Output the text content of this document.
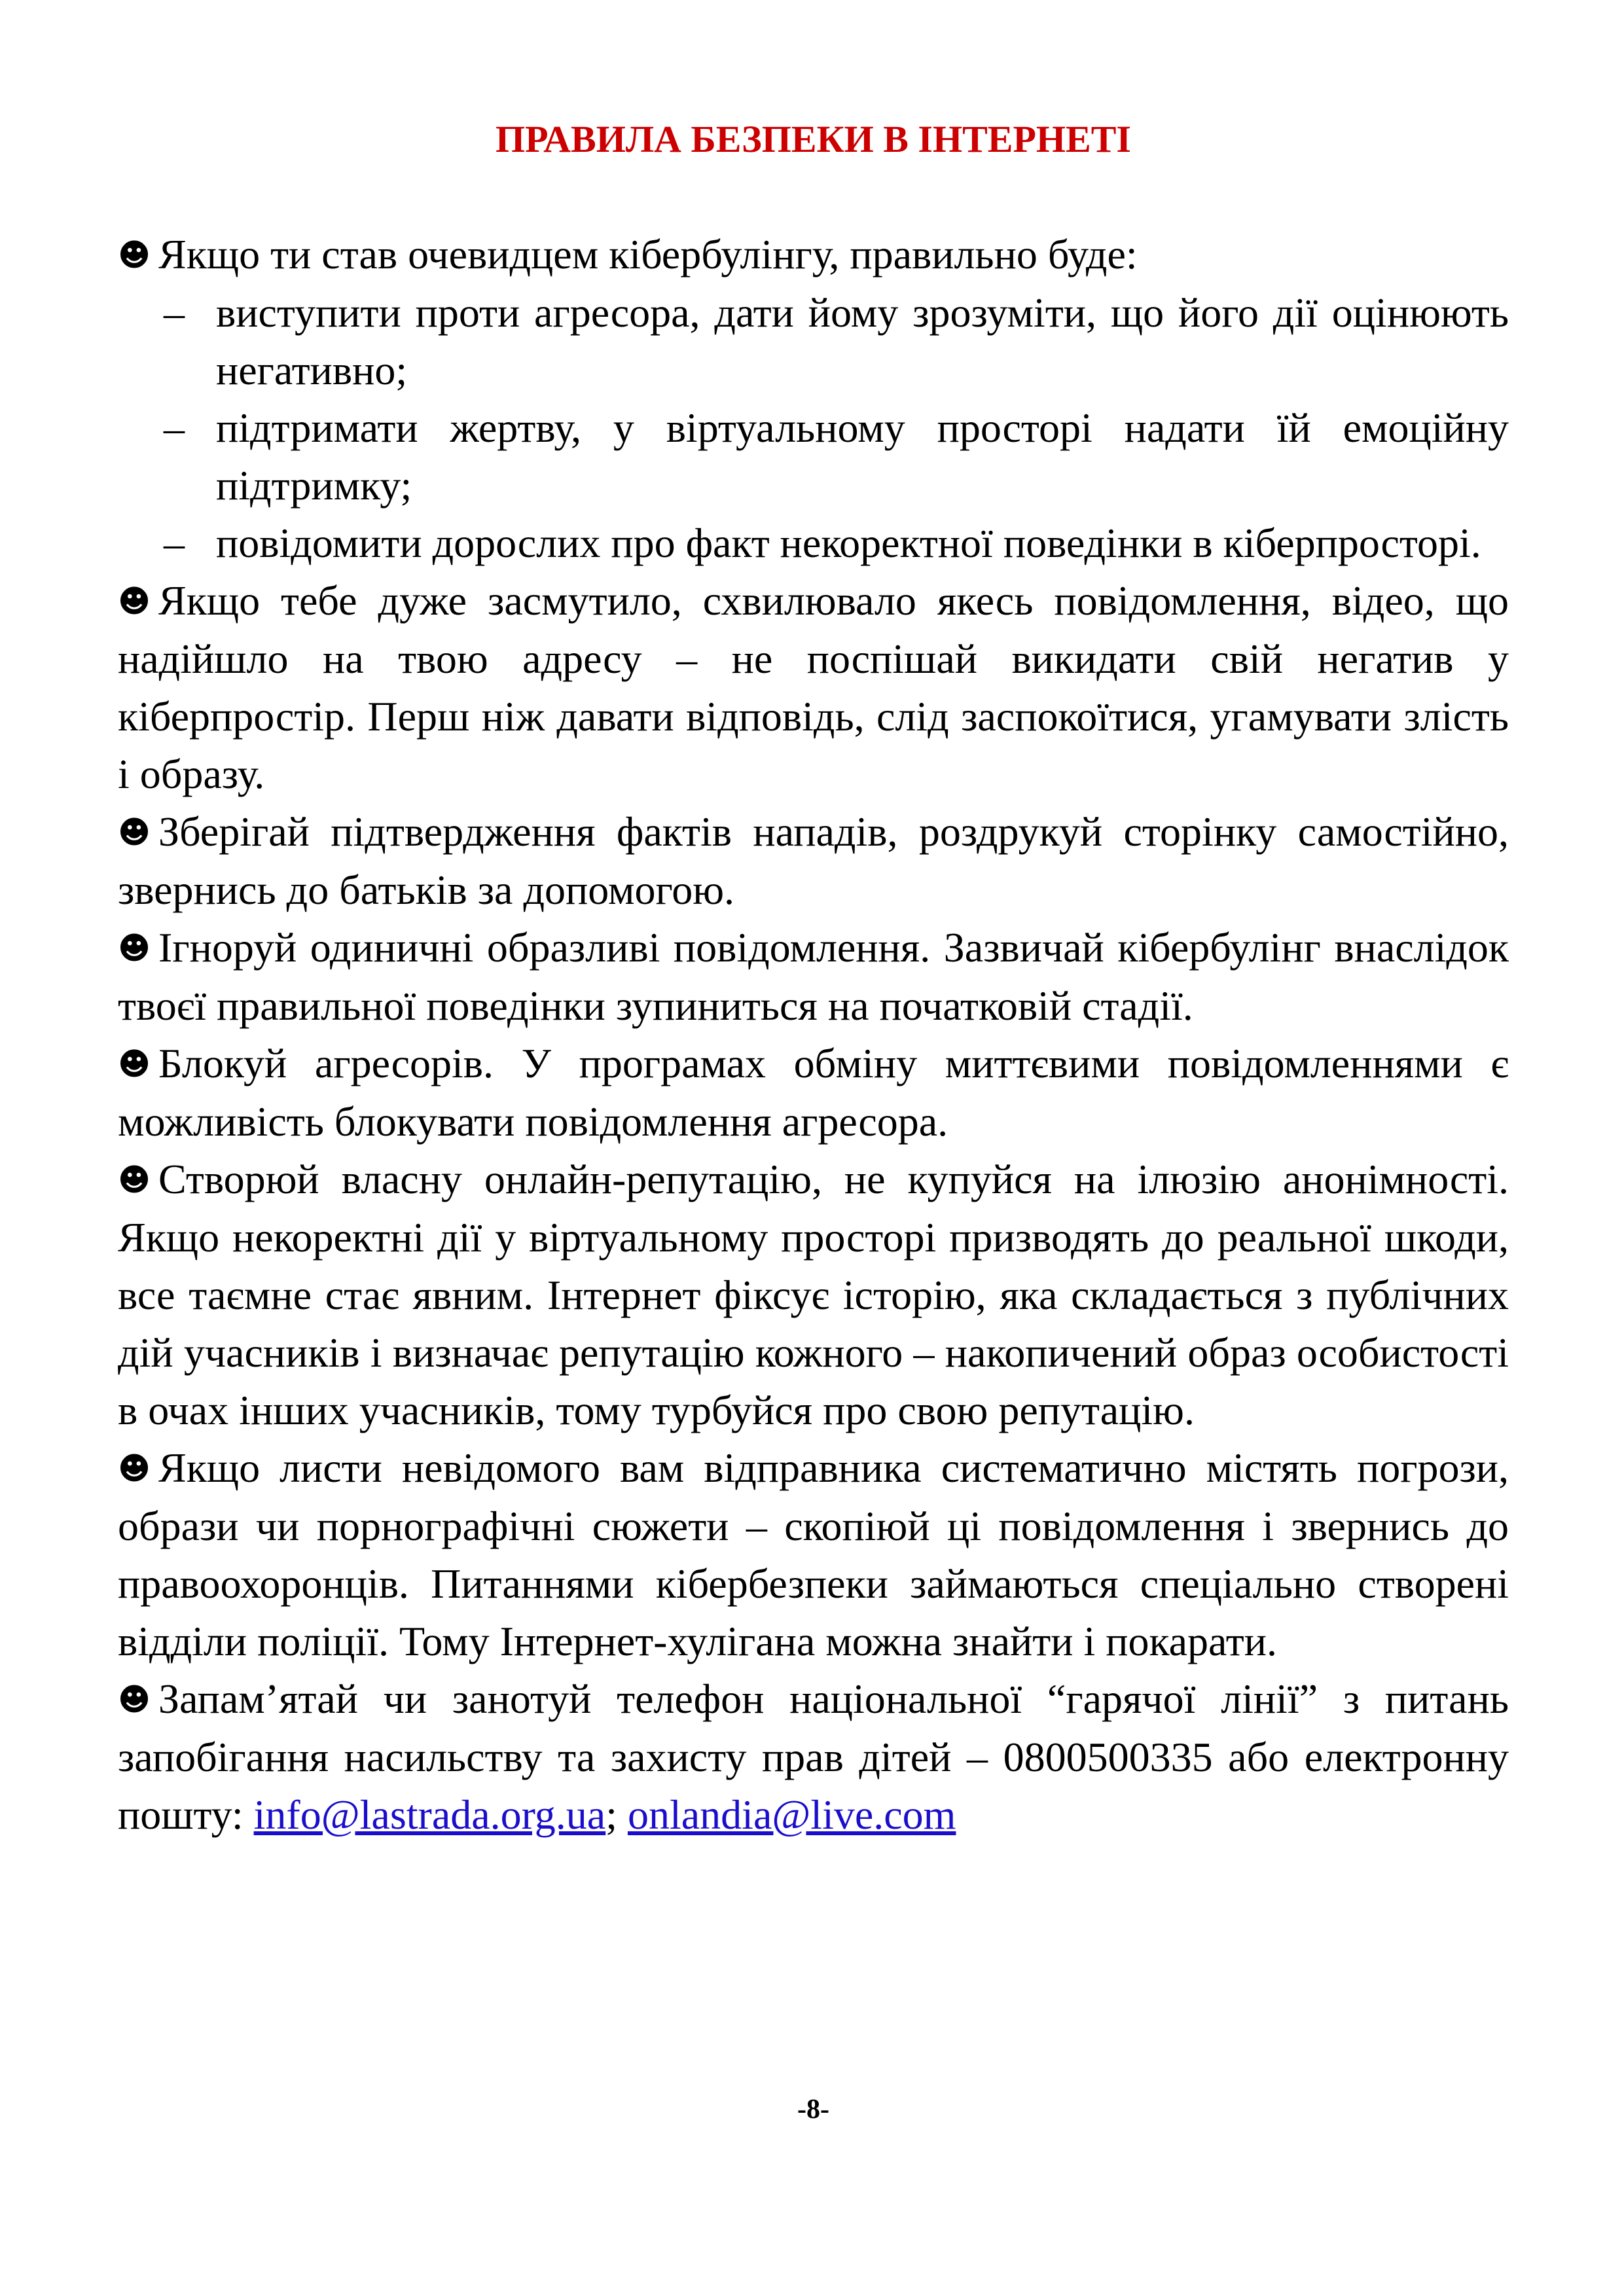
ПРАВИЛА БЕЗПЕКИ В ІНТЕРНЕТІ

☻ Якщо ти став очевидцем кібербулінгу, правильно буде:

– виступити проти агресора, дати йому зрозуміти, що його дії оцінюють негативно;

– підтримати жертву, у віртуальному просторі надати їй емоційну підтримку;

– повідомити дорослих про факт некоректної поведінки в кіберпросторі.

☻ Якщо тебе дуже засмутило, схвилювало якесь повідомлення, відео, що надійшло на твою адресу – не поспішай викидати свій негатив у кіберпростір. Перш ніж давати відповідь, слід заспокоїтися, угамувати злість і образу.

☻ Зберігай підтвердження фактів нападів, роздрукуй сторінку самостійно, звернись до батьків за допомогою.

☻ Ігноруй одиничні образливі повідомлення. Зазвичай кібербулінг внаслідок твоєї правильної поведінки зупиниться на початковій стадії.

☻ Блокуй агресорів. У програмах обміну миттєвими повідомленнями є можливість блокувати повідомлення агресора.

☻ Створюй власну онлайн-репутацію, не купуйся на ілюзію анонімності. Якщо некоректні дії у віртуальному просторі призводять до реальної шкоди, все таємне стає явним. Інтернет фіксує історію, яка складається з публічних дій учасників і визначає репутацію кожного – накопичений образ особистості в очах інших учасників, тому турбуйся про свою репутацію.

☻ Якщо листи невідомого вам відправника систематично містять погрози, образи чи порнографічні сюжети – скопіюй ці повідомлення і звернись до правоохоронців. Питаннями кібербезпеки займаються спеціально створені відділи поліції. Тому Інтернет-хулігана можна знайти і покарати.

☻ Запам’ятай чи занотуй телефон національної “гарячої лінії” з питань запобігання насильству та захисту прав дітей – 0800500335 або електронну пошту: info@lastrada.org.ua; onlandia@live.com

-8-
